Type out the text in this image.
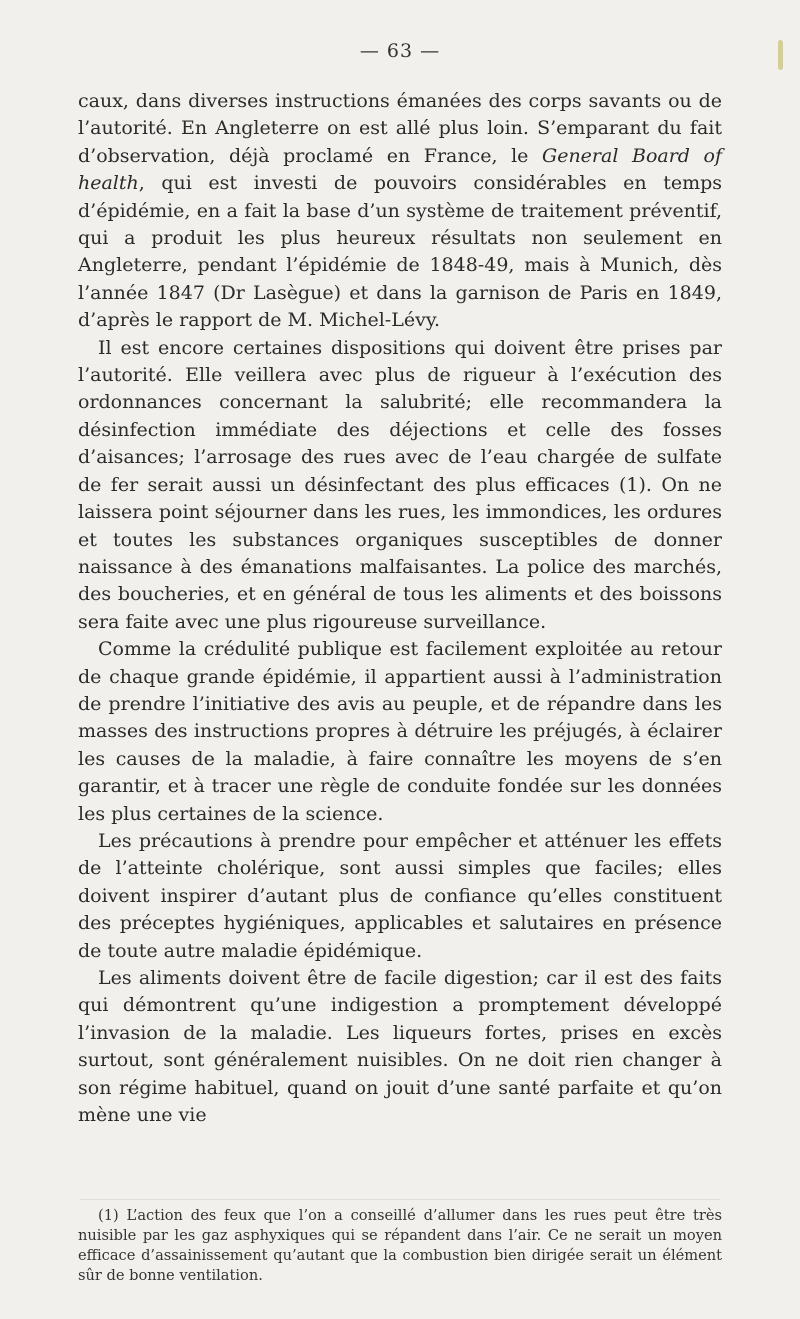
— 63 —

caux, dans diverses instructions émanées des corps savants ou de l’autorité. En Angleterre on est allé plus loin. S’emparant du fait d’observation, déjà proclamé en France, le General Board of health, qui est investi de pouvoirs considérables en temps d’épidémie, en a fait la base d’un système de traitement préventif, qui a produit les plus heureux résultats non seulement en Angleterre, pendant l’épidémie de 1848-49, mais à Munich, dès l’année 1847 (Dr Lasègue) et dans la garnison de Paris en 1849, d’après le rapport de M. Michel-Lévy.

Il est encore certaines dispositions qui doivent être prises par l’autorité. Elle veillera avec plus de rigueur à l’exécution des ordonnances concernant la salubrité; elle recommandera la désinfection immédiate des déjections et celle des fosses d’aisances; l’arrosage des rues avec de l’eau chargée de sulfate de fer serait aussi un désinfectant des plus efficaces (1). On ne laissera point séjourner dans les rues, les immondices, les ordures et toutes les substances organiques susceptibles de donner naissance à des émanations malfaisantes. La police des marchés, des boucheries, et en général de tous les aliments et des boissons sera faite avec une plus rigoureuse surveillance.

Comme la crédulité publique est facilement exploitée au retour de chaque grande épidémie, il appartient aussi à l’administration de prendre l’initiative des avis au peuple, et de répandre dans les masses des instructions propres à détruire les préjugés, à éclairer les causes de la maladie, à faire connaître les moyens de s’en garantir, et à tracer une règle de conduite fondée sur les données les plus certaines de la science.

Les précautions à prendre pour empêcher et atténuer les effets de l’atteinte cholérique, sont aussi simples que faciles; elles doivent inspirer d’autant plus de confiance qu’elles constituent des préceptes hygiéniques, applicables et salutaires en présence de toute autre maladie épidémique.

Les aliments doivent être de facile digestion; car il est des faits qui démontrent qu’une indigestion a promptement développé l’invasion de la maladie. Les liqueurs fortes, prises en excès surtout, sont généralement nuisibles. On ne doit rien changer à son régime habituel, quand on jouit d’une santé parfaite et qu’on mène une vie

(1) L’action des feux que l’on a conseillé d’allumer dans les rues peut être très nuisible par les gaz asphyxiques qui se répandent dans l’air. Ce ne serait un moyen efficace d’assainissement qu’autant que la combustion bien dirigée serait un élément sûr de bonne ventilation.
